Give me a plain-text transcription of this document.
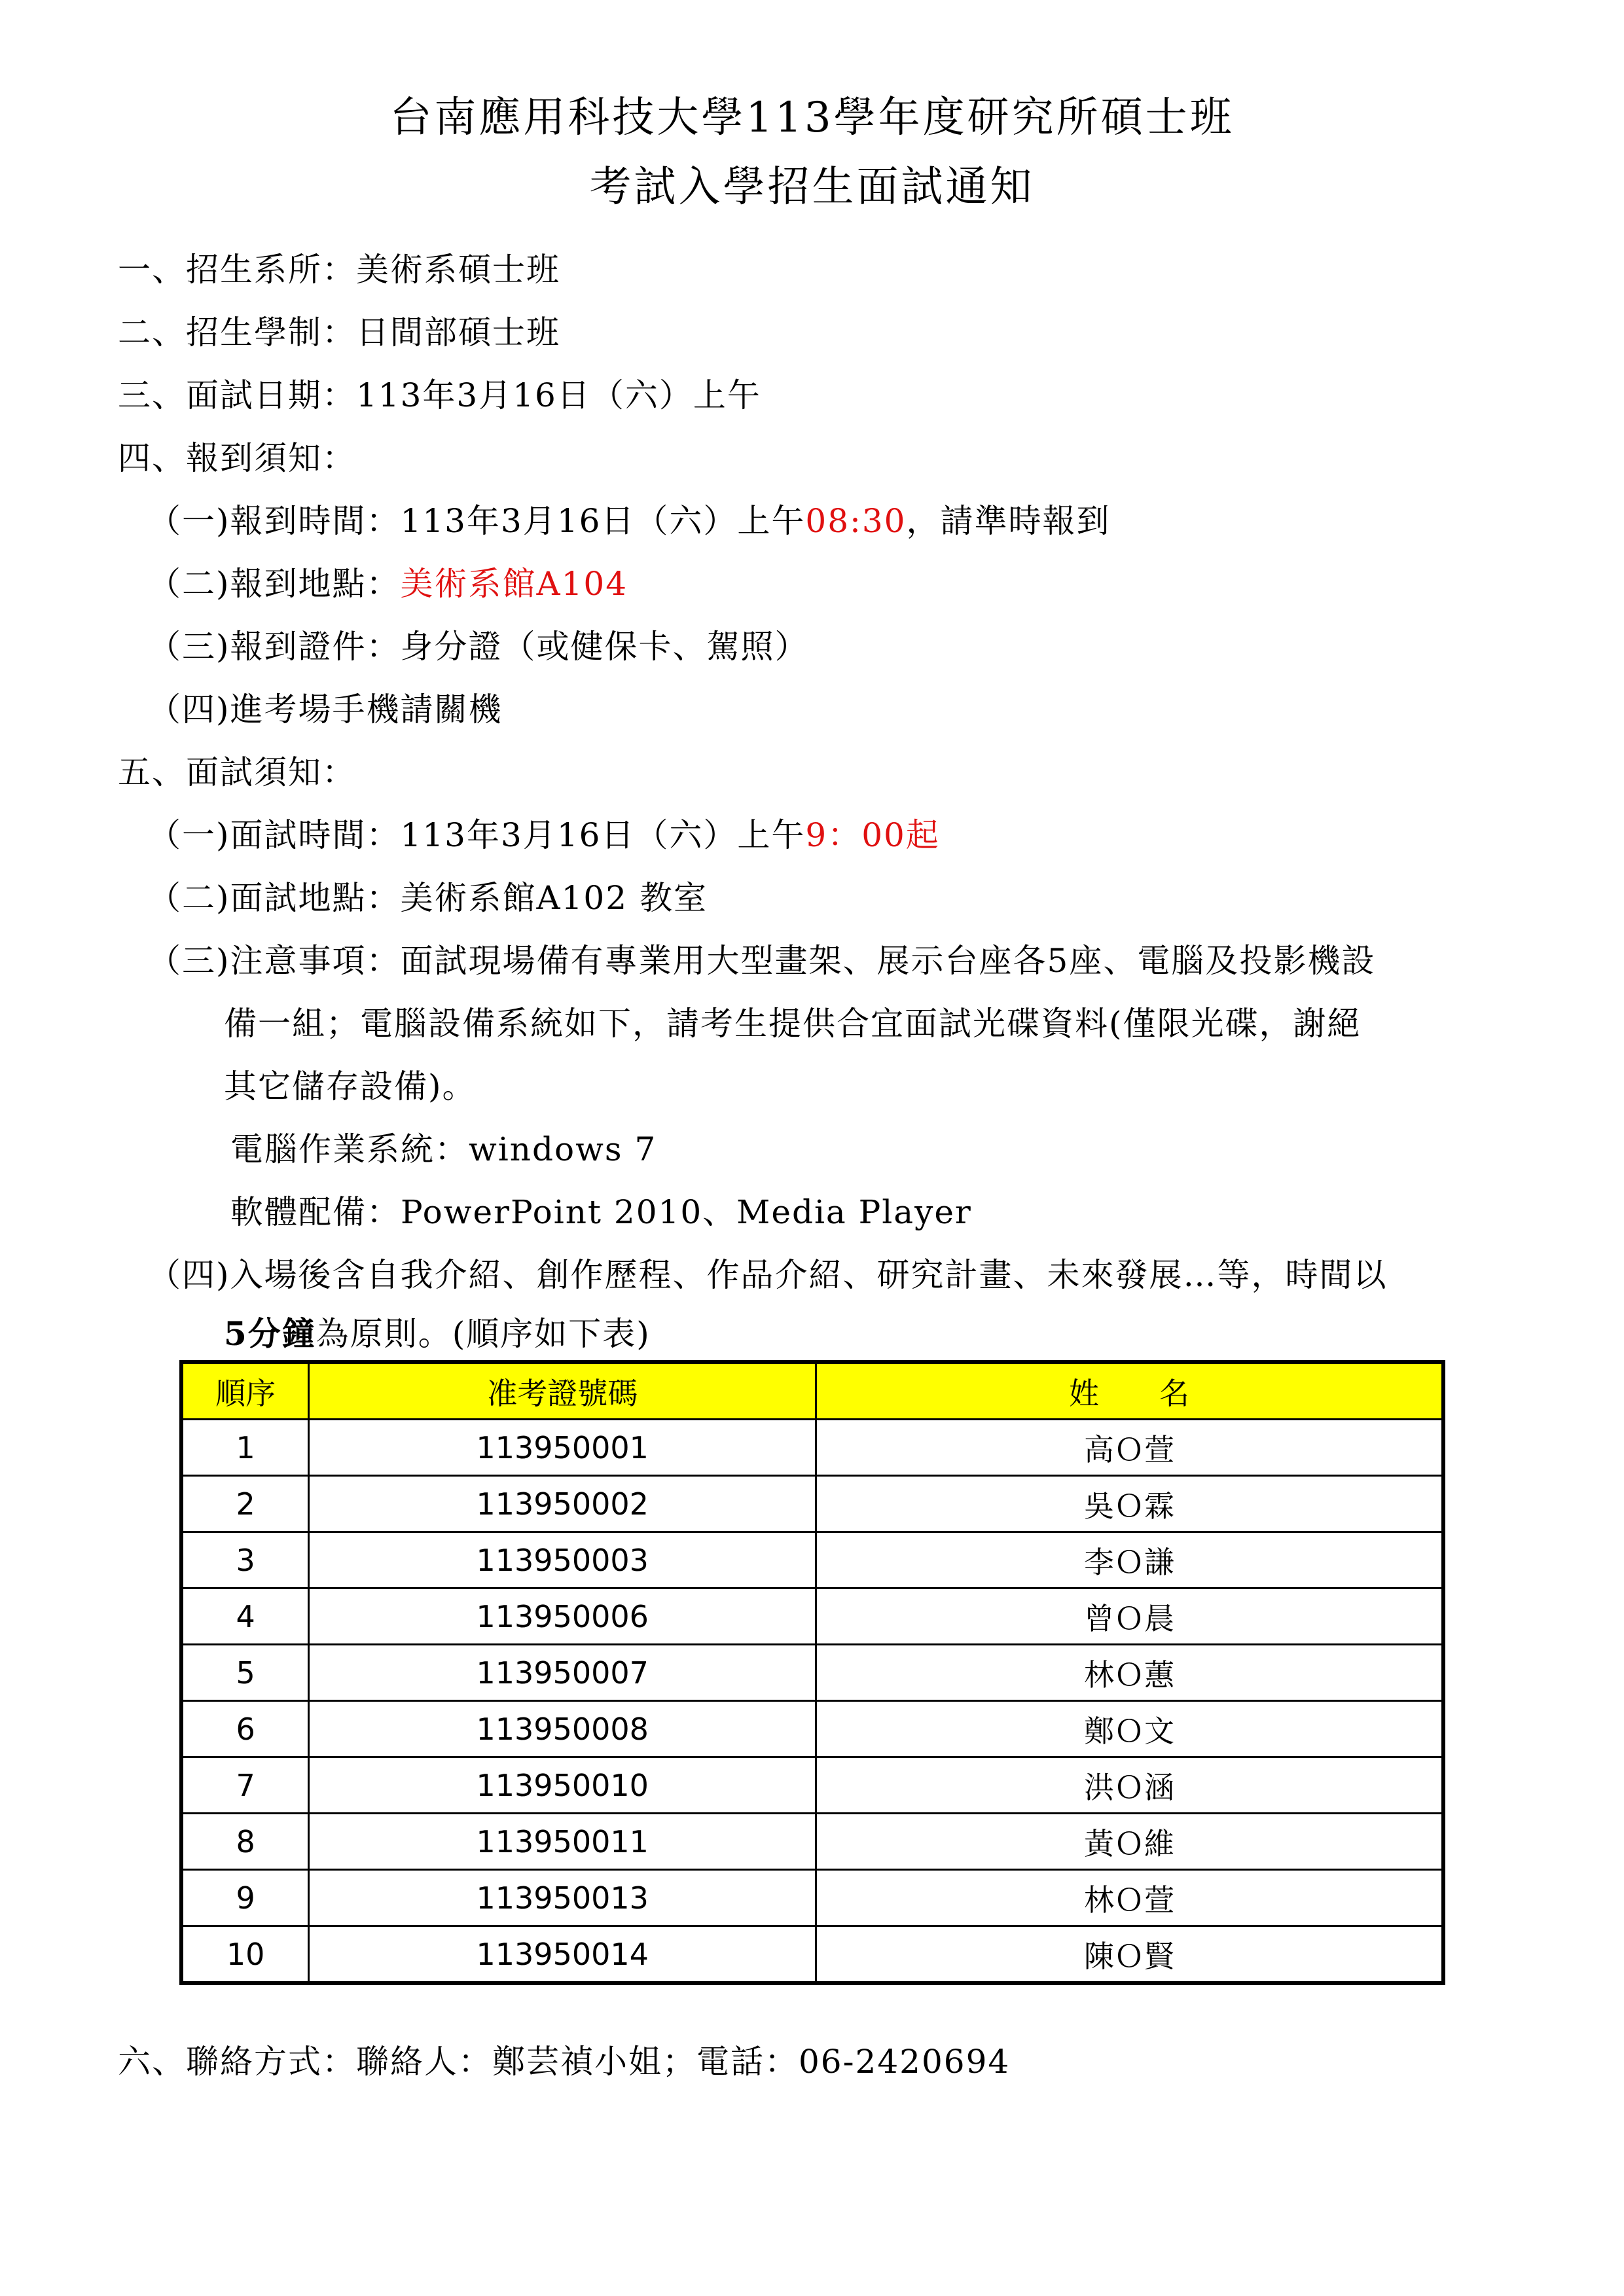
台南應用科技大學113學年度研究所碩士班
考試入學招生面試通知
一、招生系所：美術系碩士班
二、招生學制：日間部碩士班
三、面試日期：113年3月16日（六）上午
四、報到須知：
（一)報到時間：113年3月16日（六）上午08:30，請準時報到
（二)報到地點：美術系館A104
（三)報到證件：身分證（或健保卡、駕照）
（四)進考場手機請關機
五、面試須知：
（一)面試時間：113年3月16日（六）上午9：00起
（二)面試地點：美術系館A102 教室
（三)注意事項：面試現場備有專業用大型畫架、展示台座各5座、電腦及投影機設
備一組；電腦設備系統如下，請考生提供合宜面試光碟資料(僅限光碟，謝絕
其它儲存設備)。
電腦作業系統：windows 7
軟體配備：PowerPoint 2010、Media Player
（四)入場後含自我介紹、創作歷程、作品介紹、研究計畫、未來發展…等，時間以
5分鐘為原則。(順序如下表)
順序	准考證號碼	姓　　名
1	113950001	高Ｏ萱
2	113950002	吳Ｏ霖
3	113950003	李Ｏ謙
4	113950006	曾Ｏ晨
5	113950007	林Ｏ蕙
6	113950008	鄭Ｏ文
7	113950010	洪Ｏ涵
8	113950011	黃Ｏ維
9	113950013	林Ｏ萱
10	113950014	陳Ｏ賢
六、聯絡方式：聯絡人：鄭芸禎小姐；電話：06-2420694
